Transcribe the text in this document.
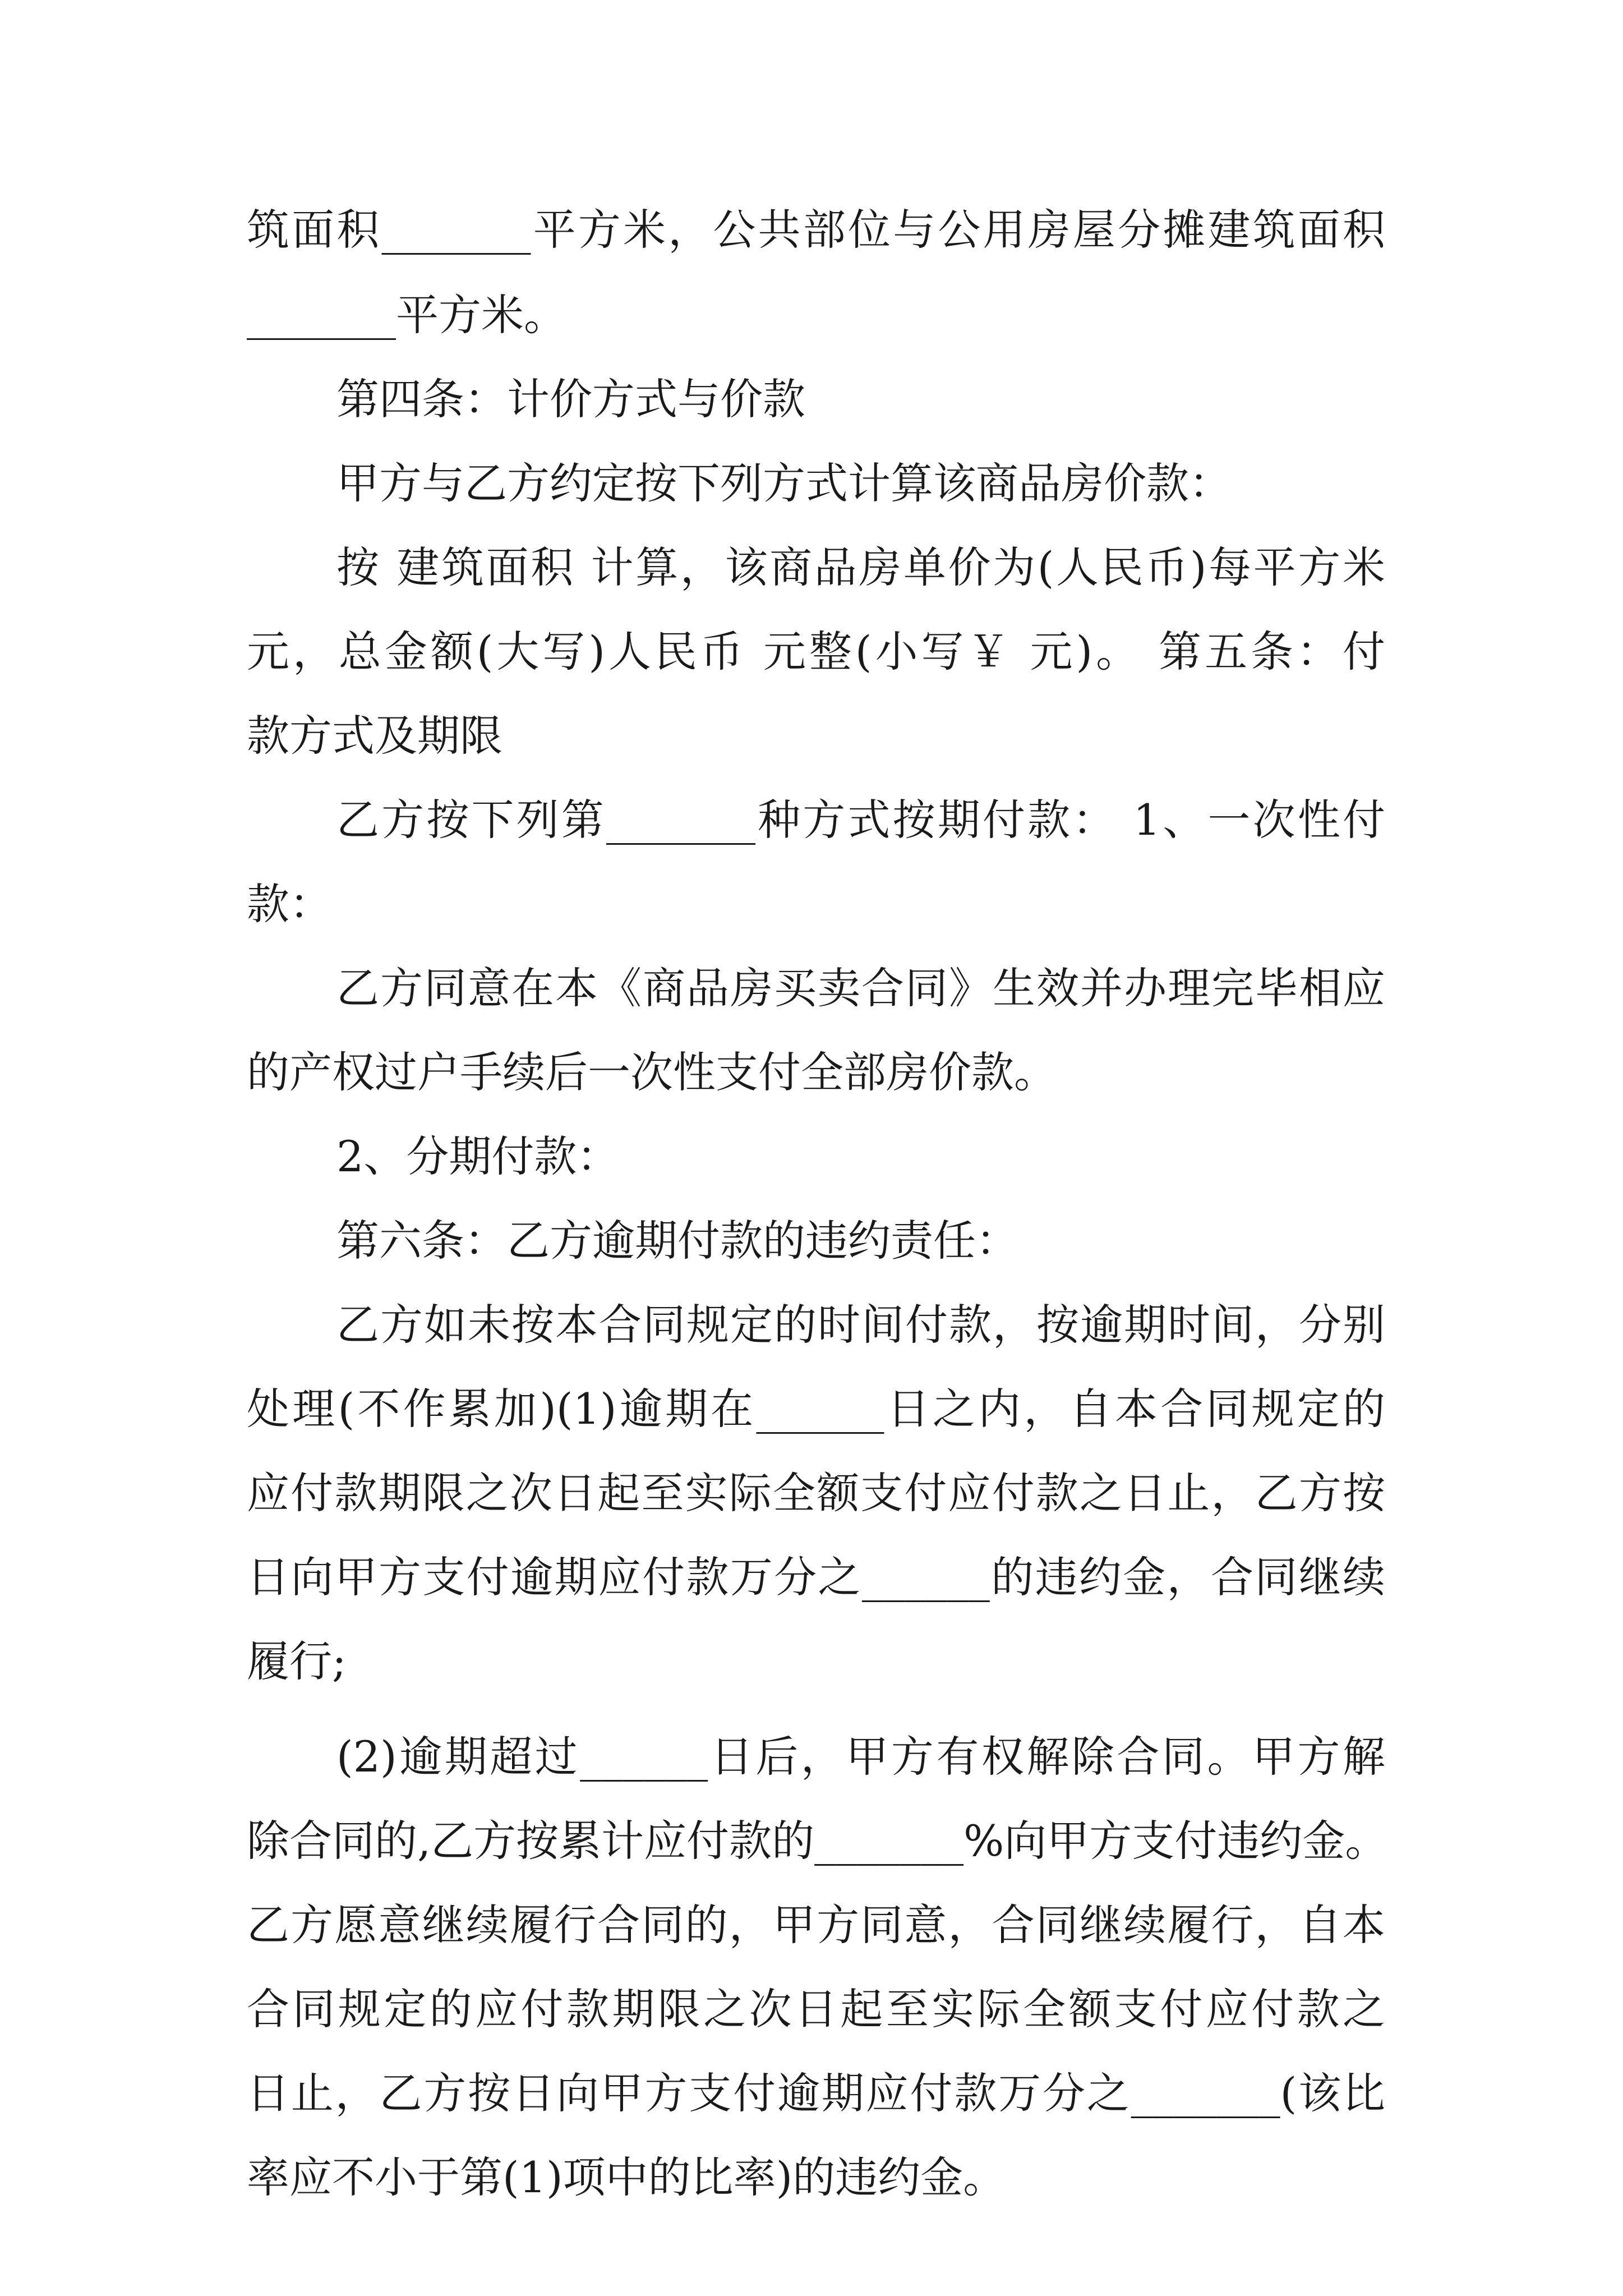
筑面积_______平方米，公共部位与公用房屋分摊建筑面积
_______平方米。
第四条：计价方式与价款
甲方与乙方约定按下列方式计算该商品房价款：
按 建筑面积 计算，该商品房单价为(人民币)每平方米
元，总金额(大写)人民币 元整(小写￥ 元)。 第五条：付
款方式及期限
乙方按下列第_______种方式按期付款： 1、一次性付
款：
乙方同意在本《商品房买卖合同》生效并办理完毕相应
的产权过户手续后一次性支付全部房价款。
2、分期付款：
第六条：乙方逾期付款的违约责任：
乙方如未按本合同规定的时间付款，按逾期时间，分别
处理(不作累加)(1)逾期在______日之内，自本合同规定的
应付款期限之次日起至实际全额支付应付款之日止，乙方按
日向甲方支付逾期应付款万分之______的违约金，合同继续
履行;
(2)逾期超过______日后，甲方有权解除合同。甲方解
除合同的,乙方按累计应付款的_______%向甲方支付违约金。
乙方愿意继续履行合同的，甲方同意，合同继续履行，自本
合同规定的应付款期限之次日起至实际全额支付应付款之
日止，乙方按日向甲方支付逾期应付款万分之_______(该比
率应不小于第(1)项中的比率)的违约金。
